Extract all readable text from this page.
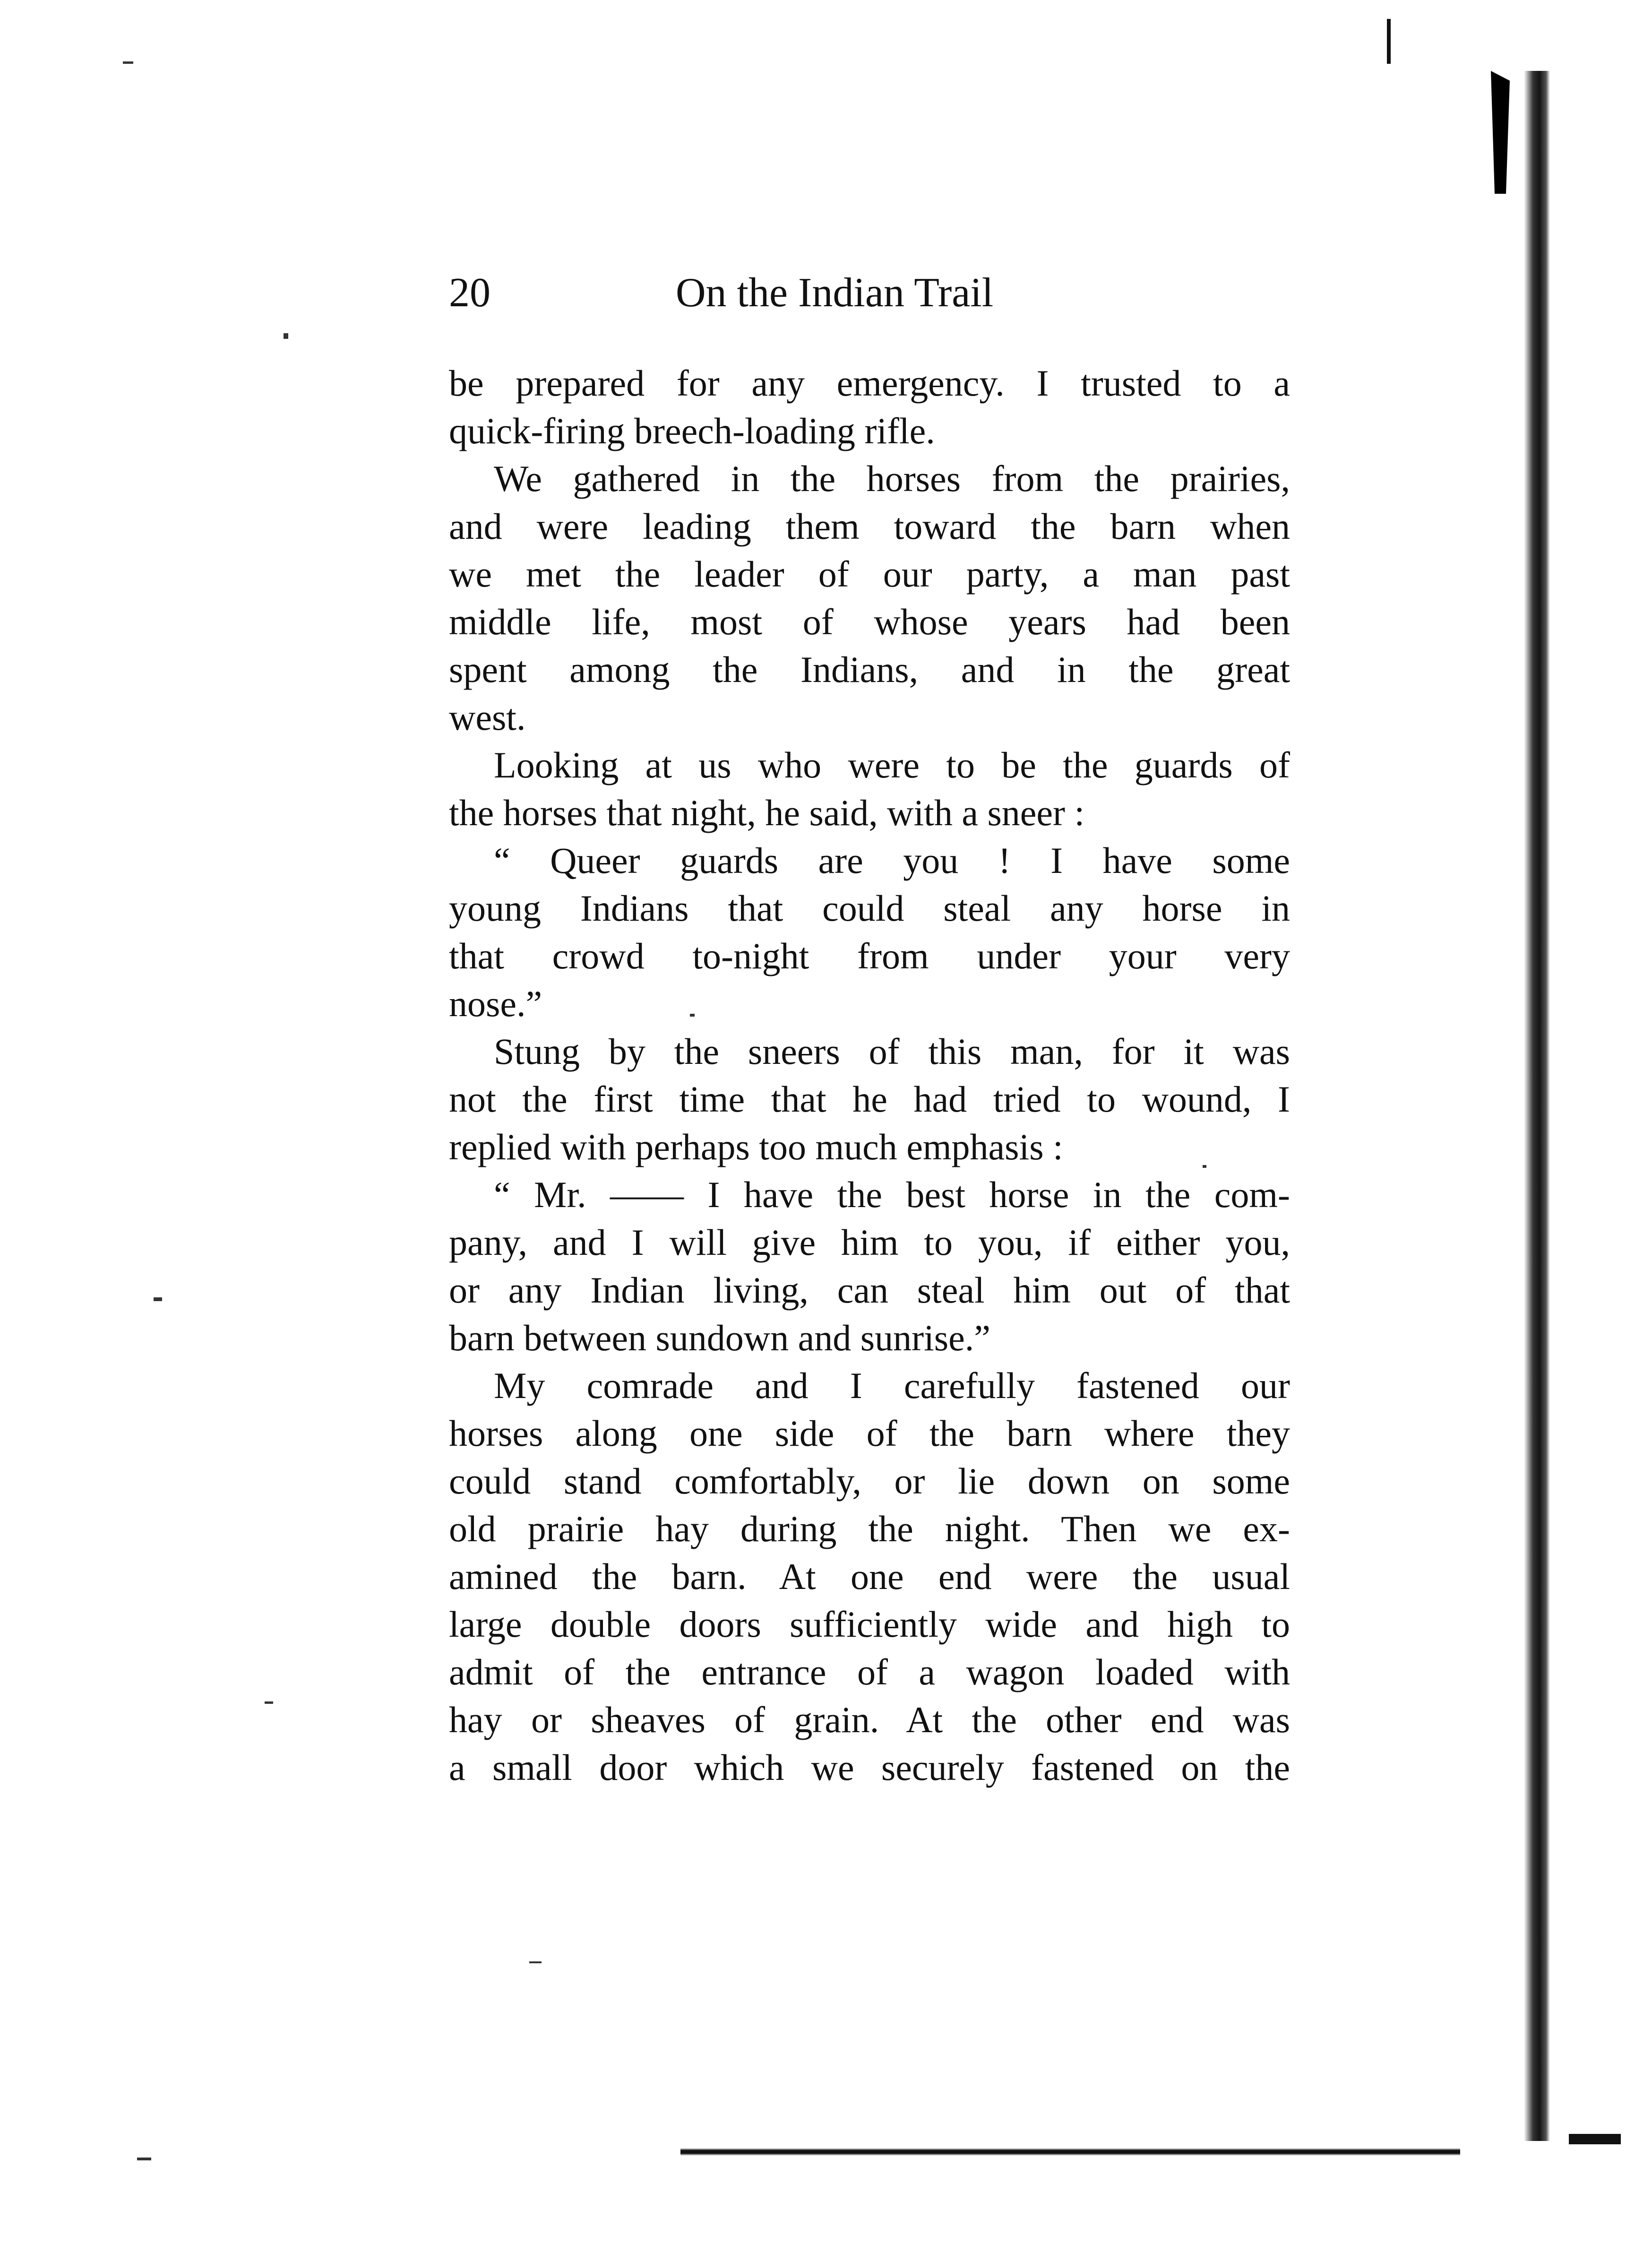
20	On the Indian Trail
be prepared for any emergency. I trusted to a
quick-firing breech-loading rifle.
We gathered in the horses from the prairies,
and were leading them toward the barn when
we met the leader of our party, a man past
middle life, most of whose years had been
spent among the Indians, and in the great
west.
Looking at us who were to be the guards of
the horses that night, he said, with a sneer :
“ Queer guards are you ! I have some
young Indians that could steal any horse in
that crowd to-night from under your very
nose.”
Stung by the sneers of this man, for it was
not the first time that he had tried to wound, I
replied with perhaps too much emphasis :
“ Mr. —— I have the best horse in the com-
pany, and I will give him to you, if either you,
or any Indian living, can steal him out of that
barn between sundown and sunrise.”
My comrade and I carefully fastened our
horses along one side of the barn where they
could stand comfortably, or lie down on some
old prairie hay during the night. Then we ex-
amined the barn. At one end were the usual
large double doors sufficiently wide and high to
admit of the entrance of a wagon loaded with
hay or sheaves of grain. At the other end was
a small door which we securely fastened on the
